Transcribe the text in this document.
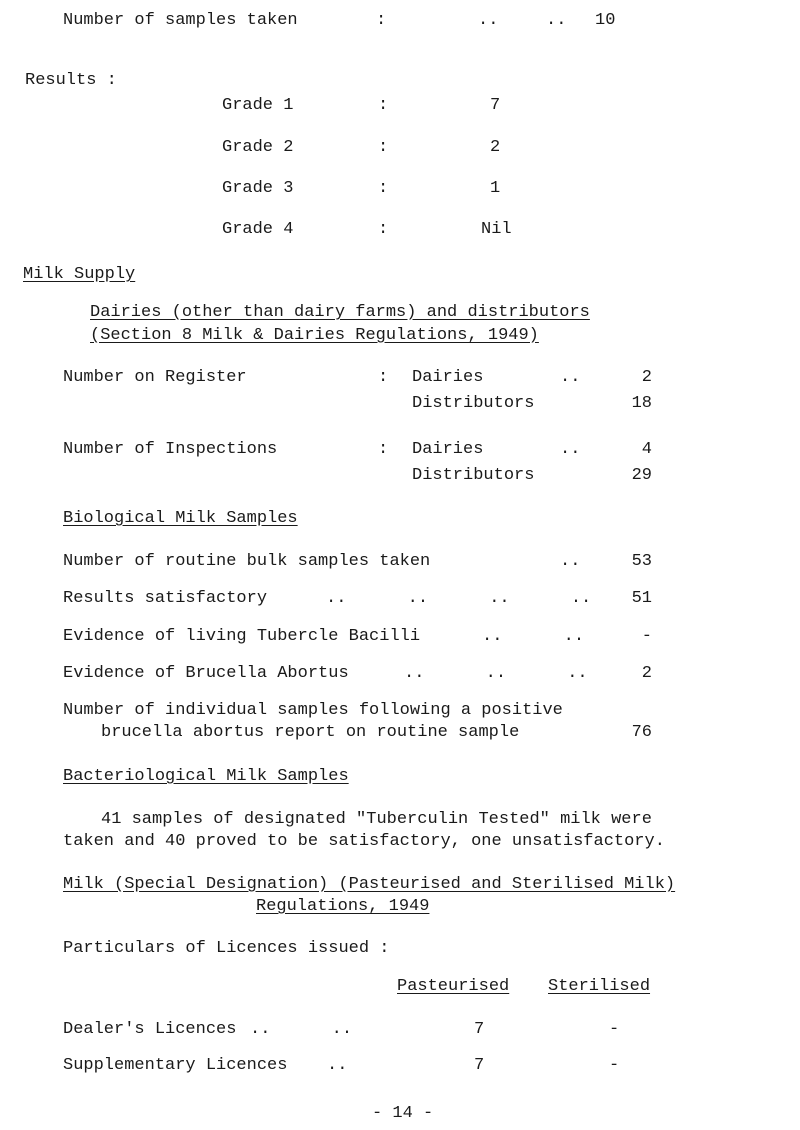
Number of samples taken	:	..	.. 10
Results :
Grade 1	:	7
Grade 2	:	2
Grade 3	:	1
Grade 4	:	Nil
Milk Supply
Dairies (other than dairy farms) and distributors
(Section 8 Milk & Dairies Regulations, 1949)
Number on Register	: Dairies	..	2
Distributors	18
Number of Inspections	: Dairies	..	4
Distributors	29
Biological Milk Samples
Number of routine bulk samples taken	..	53
Results satisfactory	..      ..      ..      ..	51
Evidence of living Tubercle Bacilli	..      ..	-
Evidence of Brucella Abortus	..      ..      ..	2
Number of individual samples following a positive
brucella abortus report on routine sample	76
Bacteriological Milk Samples
41 samples of designated "Tuberculin Tested" milk were
taken and 40 proved to be satisfactory, one unsatisfactory.
Milk (Special Designation) (Pasteurised and Sterilised Milk)
Regulations, 1949
Particulars of Licences issued :
Pasteurised Sterilised
Dealer's Licences ..      ..	7	-
Supplementary Licences ..	7	-
- 14 -
